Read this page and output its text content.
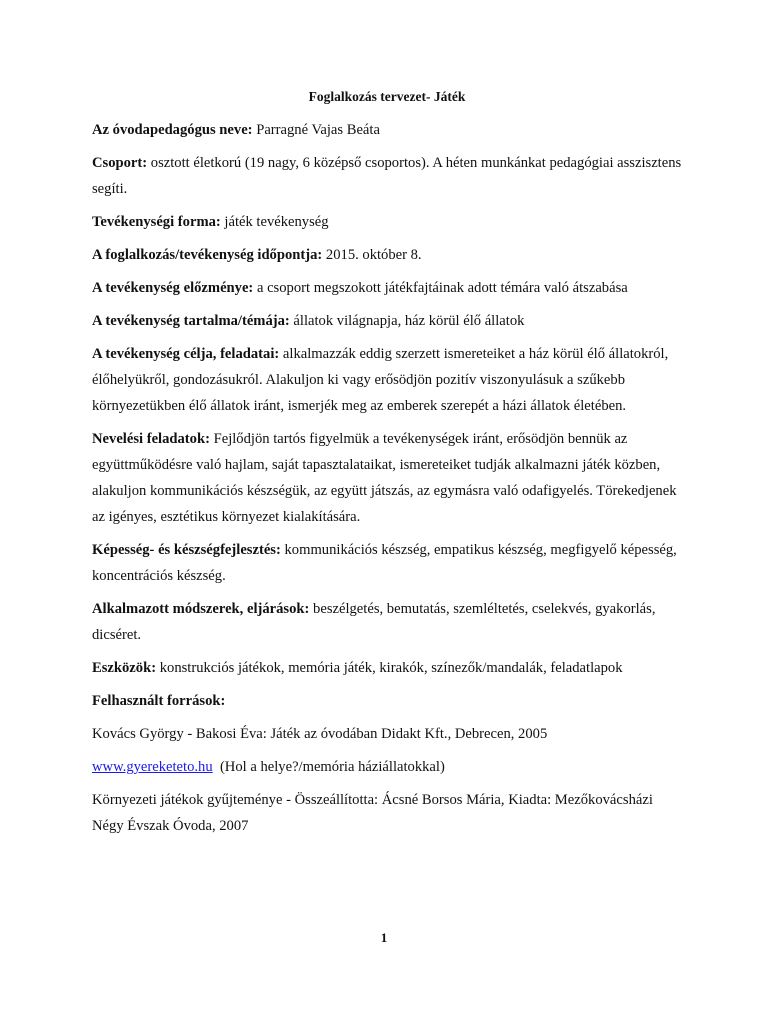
Foglalkozás tervezet- Játék

Az óvodapedagógus neve: Parragné Vajas Beáta

Csoport: osztott életkorú (19 nagy, 6 középső csoportos). A héten munkánkat pedagógiai asszisztens segíti.

Tevékenységi forma: játék tevékenység

A foglalkozás/tevékenység időpontja: 2015. október 8.

A tevékenység előzménye: a csoport megszokott játékfajtáinak adott témára való átszabása

A tevékenység tartalma/témája: állatok világnapja, ház körül élő állatok

A tevékenység célja, feladatai: alkalmazzák eddig szerzett ismereteiket a ház körül élő állatokról, élőhelyükről, gondozásukról. Alakuljon ki vagy erősödjön pozitív viszonyulásuk a szűkebb környezetükben élő állatok iránt, ismerjék meg az emberek szerepét a házi állatok életében.

Nevelési feladatok: Fejlődjön tartós figyelmük a tevékenységek iránt, erősödjön bennük az együttműködésre való hajlam, saját tapasztalataikat, ismereteiket tudják alkalmazni játék közben, alakuljon kommunikációs készségük, az együtt játszás, az egymásra való odafigyelés. Törekedjenek az igényes, esztétikus környezet kialakítására.

Képesség- és készségfejlesztés: kommunikációs készség, empatikus készség, megfigyelő képesség, koncentrációs készség.

Alkalmazott módszerek, eljárások: beszélgetés, bemutatás, szemléltetés, cselekvés, gyakorlás, dicséret.

Eszközök: konstrukciós játékok, memória játék, kirakók, színezők/mandalák, feladatlapok

Felhasznált források:

Kovács György - Bakosi Éva: Játék az óvodában Didakt Kft., Debrecen, 2005

www.gyereketeto.hu (Hol a helye?/memória háziállatokkal)

Környezeti játékok gyűjteménye - Összeállította: Ácsné Borsos Mária, Kiadta: Mezőkovácsházi Négy Évszak Óvoda, 2007

1
